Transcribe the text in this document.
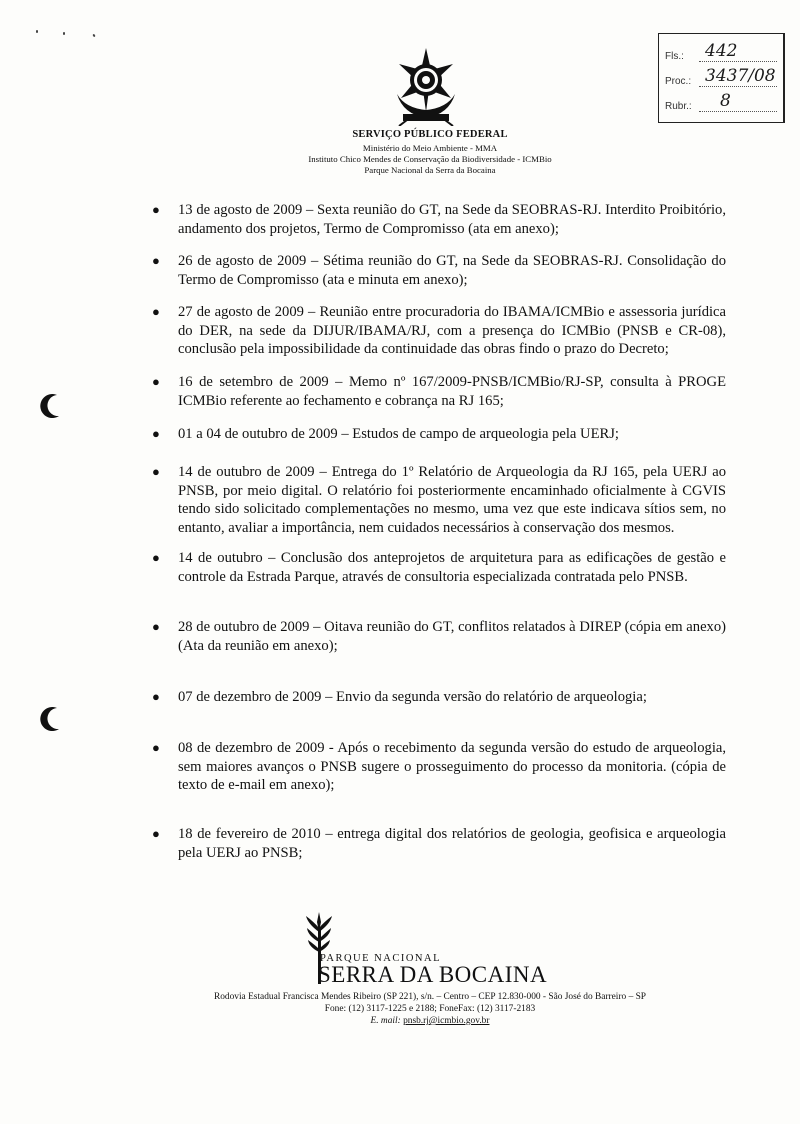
SERVIÇO PÚBLICO FEDERAL
Ministério do Meio Ambiente - MMA
Instituto Chico Mendes de Conservação da Biodiversidade - ICMBio
Parque Nacional da Serra da Bocaina
Fls.: 442
Proc.: 3437/08
Rubr.: 8
● 13 de agosto de 2009 – Sexta reunião do GT, na Sede da SEOBRAS-RJ. Interdito Proibitório, andamento dos projetos, Termo de Compromisso (ata em anexo);
● 26 de agosto de 2009 – Sétima reunião do GT, na Sede da SEOBRAS-RJ. Consolidação do Termo de Compromisso (ata e minuta em anexo);
● 27 de agosto de 2009 – Reunião entre procuradoria do IBAMA/ICMBio e assessoria jurídica do DER, na sede da DIJUR/IBAMA/RJ, com a presença do ICMBio (PNSB e CR-08), conclusão pela impossibilidade da continuidade das obras findo o prazo do Decreto;
● 16 de setembro de 2009 – Memo nº 167/2009-PNSB/ICMBio/RJ-SP, consulta à PROGE ICMBio referente ao fechamento e cobrança na RJ 165;
● 01 a 04 de outubro de 2009 – Estudos de campo de arqueologia pela UERJ;
● 14 de outubro de 2009 – Entrega do 1º Relatório de Arqueologia da RJ 165, pela UERJ ao PNSB, por meio digital. O relatório foi posteriormente encaminhado oficialmente à CGVIS tendo sido solicitado complementações no mesmo, uma vez que este indicava sítios sem, no entanto, avaliar a importância, nem cuidados necessários à conservação dos mesmos.
● 14 de outubro – Conclusão dos anteprojetos de arquitetura para as edificações de gestão e controle da Estrada Parque, através de consultoria especializada contratada pelo PNSB.
● 28 de outubro de 2009 – Oitava reunião do GT, conflitos relatados à DIREP (cópia em anexo) (Ata da reunião em anexo);
● 07 de dezembro de 2009 – Envio da segunda versão do relatório de arqueologia;
● 08 de dezembro de 2009 - Após o recebimento da segunda versão do estudo de arqueologia, sem maiores avanços o PNSB sugere o prosseguimento do processo da monitoria. (cópia de texto de e-mail em anexo);
● 18 de fevereiro de 2010 – entrega digital dos relatórios de geologia, geofisica e arqueologia pela UERJ ao PNSB;
PARQUE NACIONAL
SERRA DA BOCAINA
Rodovia Estadual Francisca Mendes Ribeiro (SP 221), s/n. – Centro – CEP 12.830-000 - São José do Barreiro – SP
Fone: (12) 3117-1225 e 2188; FoneFax: (12) 3117-2183
E. mail: pnsb.rj@icmbio.gov.br
